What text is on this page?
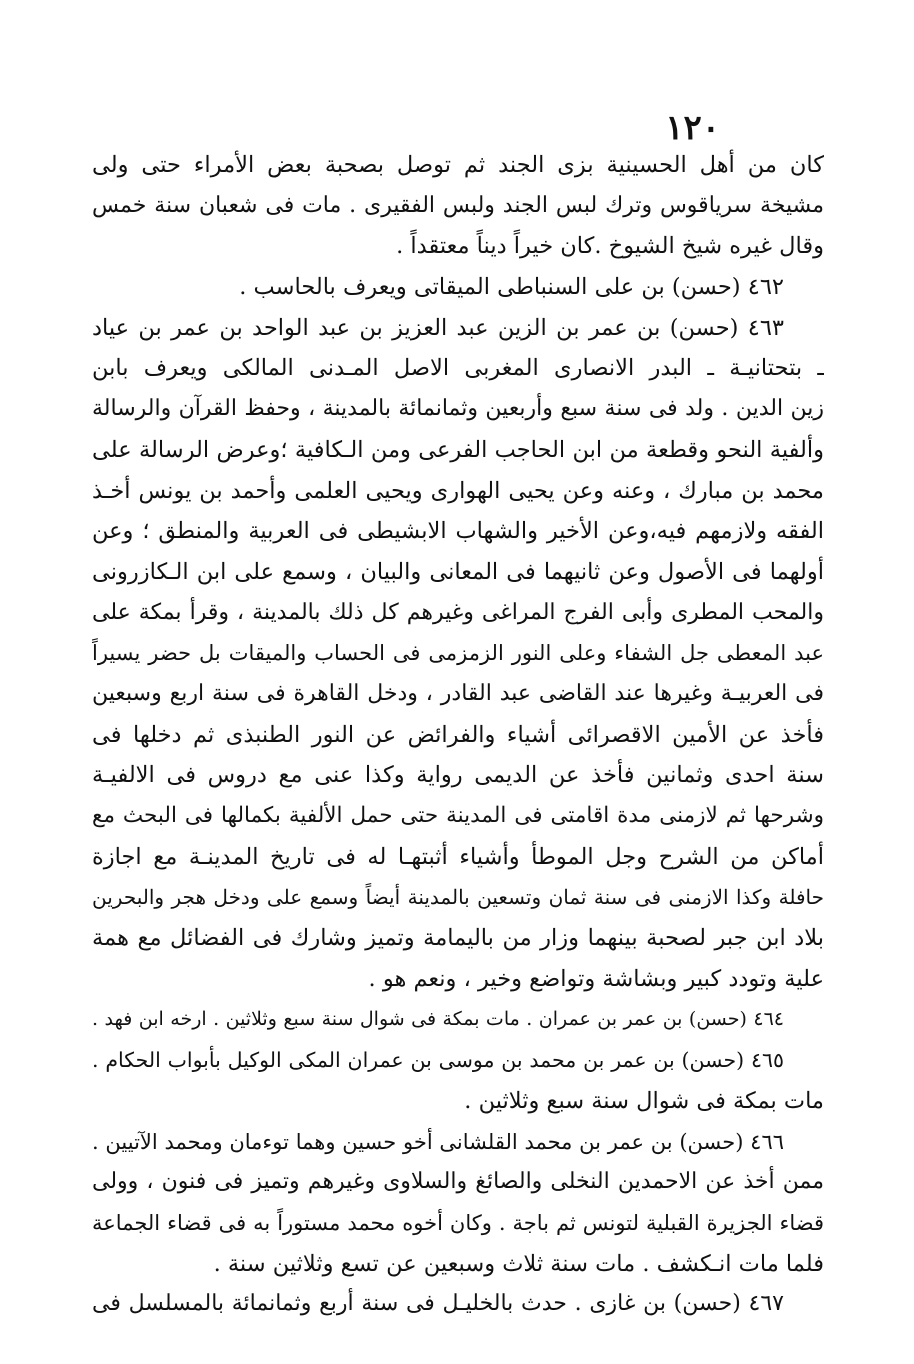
١٢٠
كان من أهل الحسينية بزى الجند ثم توصل بصحبة بعض الأمراء حتى ولى
مشيخة سرياقوس وترك لبس الجند ولبس الفقيرى . مات فى شعبان سنة خمس
وقال غيره شيخ الشيوخ .كان خيراً ديناً معتقداً .
٤٦٢ (حسن) بن على السنباطى الميقاتى ويعرف بالحاسب .
٤٦٣ (حسن) بن عمر بن الزين عبد العزيز بن عبد الواحد بن عمر بن عياد
ـ بتحتانيـة ـ البدر الانصارى المغربى الاصل المـدنى المالكى ويعرف بابن
زين الدين . ولد فى سنة سبع وأربعين وثمانمائة بالمدينة ، وحفظ القرآن والرسالة
وألفية النحو وقطعة من ابن الحاجب الفرعى ومن الـكافية ؛وعرض الرسالة على
محمد بن مبارك ، وعنه وعن يحيى الهوارى ويحيى العلمى وأحمد بن يونس أخـذ
الفقه ولازمهم فيه،وعن الأخير والشهاب الابشيطى فى العربية والمنطق ؛ وعن
أولهما فى الأصول وعن ثانيهما فى المعانى والبيان ، وسمع على ابن الـكازرونى
والمحب المطرى وأبى الفرج المراغى وغيرهم كل ذلك بالمدينة ، وقرأ بمكة على
عبد المعطى جل الشفاء وعلى النور الزمزمى فى الحساب والميقات بل حضر يسيراً
فى العربيـة وغيرها عند القاضى عبد القادر ، ودخل القاهرة فى سنة اربع وسبعين
فأخذ عن الأمين الاقصرائى أشياء والفرائض عن النور الطنبذى ثم دخلها فى
سنة احدى وثمانين فأخذ عن الديمى رواية وكذا عنى مع دروس فى الالفيـة
وشرحها ثم لازمنى مدة اقامتى فى المدينة حتى حمل الألفية بكمالها فى البحث مع
أماكن من الشرح وجل الموطأ وأشياء أثبتهـا له فى تاريخ المدينـة مع اجازة
حافلة وكذا الازمنى فى سنة ثمان وتسعين بالمدينة أيضاً وسمع على ودخل هجر والبحرين
بلاد ابن جبر لصحبة بينهما وزار من باليمامة وتميز وشارك فى الفضائل مع همة
علية وتودد كبير وبشاشة وتواضع وخير ، ونعم هو .
٤٦٤ (حسن) بن عمر بن عمران . مات بمكة فى شوال سنة سبع وثلاثين . ارخه ابن فهد .
٤٦٥ (حسن) بن عمر بن محمد بن موسى بن عمران المكى الوكيل بأبواب الحكام .
مات بمكة فى شوال سنة سبع وثلاثين .
٤٦٦ (حسن) بن عمر بن محمد القلشانى أخو حسين وهما توءمان ومحمد الآتيين .
ممن أخذ عن الاحمدين النخلى والصائغ والسلاوى وغيرهم وتميز فى فنون ، وولى
قضاء الجزيرة القبلية لتونس ثم باجة . وكان أخوه محمد مستوراً به فى قضاء الجماعة
فلما مات انـكشف . مات سنة ثلاث وسبعين عن تسع وثلاثين سنة .
٤٦٧ (حسن) بن غازى . حدث بالخليـل فى سنة أربع وثمانمائة بالمسلسل فى
